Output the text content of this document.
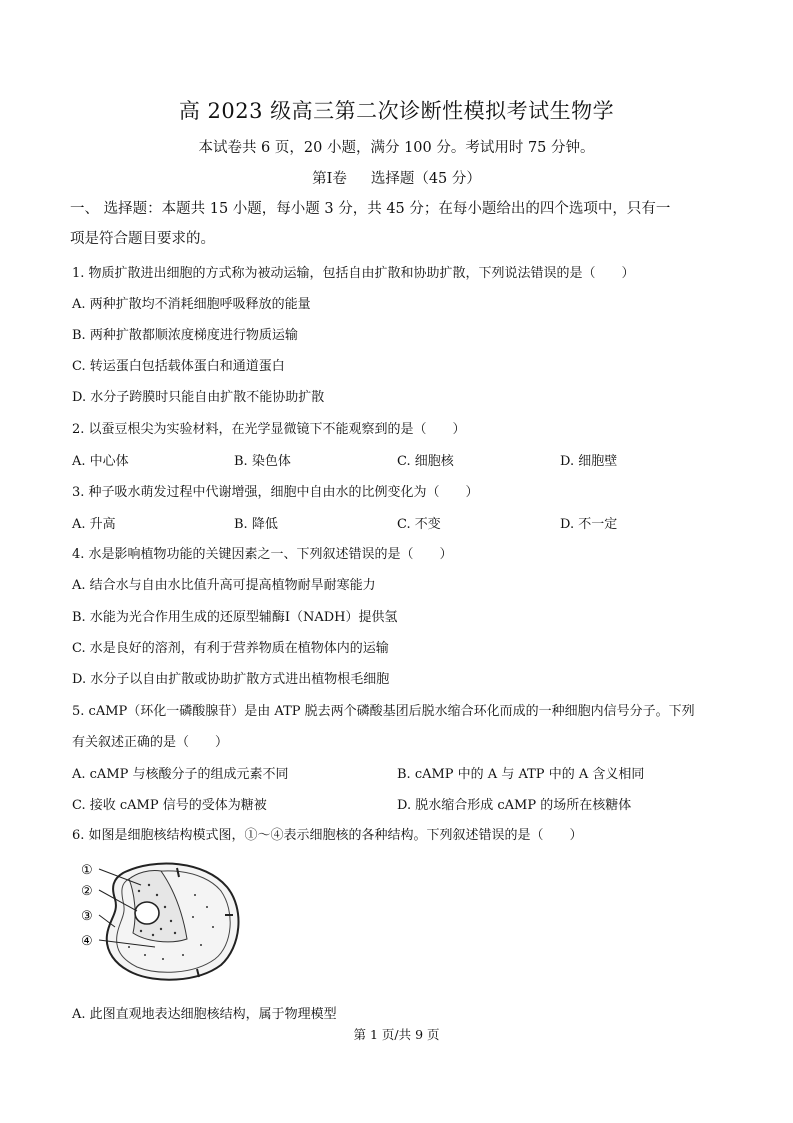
高 2023 级高三第二次诊断性模拟考试生物学
本试卷共 6 页，20 小题，满分 100 分。考试用时 75 分钟。
第Ⅰ卷 选择题（45 分）
一、 选择题：本题共 15 小题，每小题 3 分，共 45 分；在每小题给出的四个选项中，只有一
项是符合题目要求的。
1. 物质扩散进出细胞的方式称为被动运输，包括自由扩散和协助扩散，下列说法错误的是（　　）
A. 两种扩散均不消耗细胞呼吸释放的能量
B. 两种扩散都顺浓度梯度进行物质运输
C. 转运蛋白包括载体蛋白和通道蛋白
D. 水分子跨膜时只能自由扩散不能协助扩散
2. 以蚕豆根尖为实验材料，在光学显微镜下不能观察到的是（　　）
A. 中心体	B. 染色体	C. 细胞核	D. 细胞壁
3. 种子吸水萌发过程中代谢增强，细胞中自由水的比例变化为（　　）
A. 升高	B. 降低	C. 不变	D. 不一定
4. 水是影响植物功能的关键因素之一、下列叙述错误的是（　　）
A. 结合水与自由水比值升高可提高植物耐旱耐寒能力
B. 水能为光合作用生成的还原型辅酶Ⅰ（NADH）提供氢
C. 水是良好的溶剂，有利于营养物质在植物体内的运输
D. 水分子以自由扩散或协助扩散方式进出植物根毛细胞
5. cAMP（环化一磷酸腺苷）是由 ATP 脱去两个磷酸基团后脱水缩合环化而成的一种细胞内信号分子。下列
有关叙述正确的是（　　）
A. cAMP 与核酸分子的组成元素不同	B. cAMP 中的 A 与 ATP 中的 A 含义相同
C. 接收 cAMP 信号的受体为糖被	D. 脱水缩合形成 cAMP 的场所在核糖体
6. 如图是细胞核结构模式图，①～④表示细胞核的各种结构。下列叙述错误的是（　　）
①
②
③
④
A. 此图直观地表达细胞核结构，属于物理模型
第 1 页/共 9 页
